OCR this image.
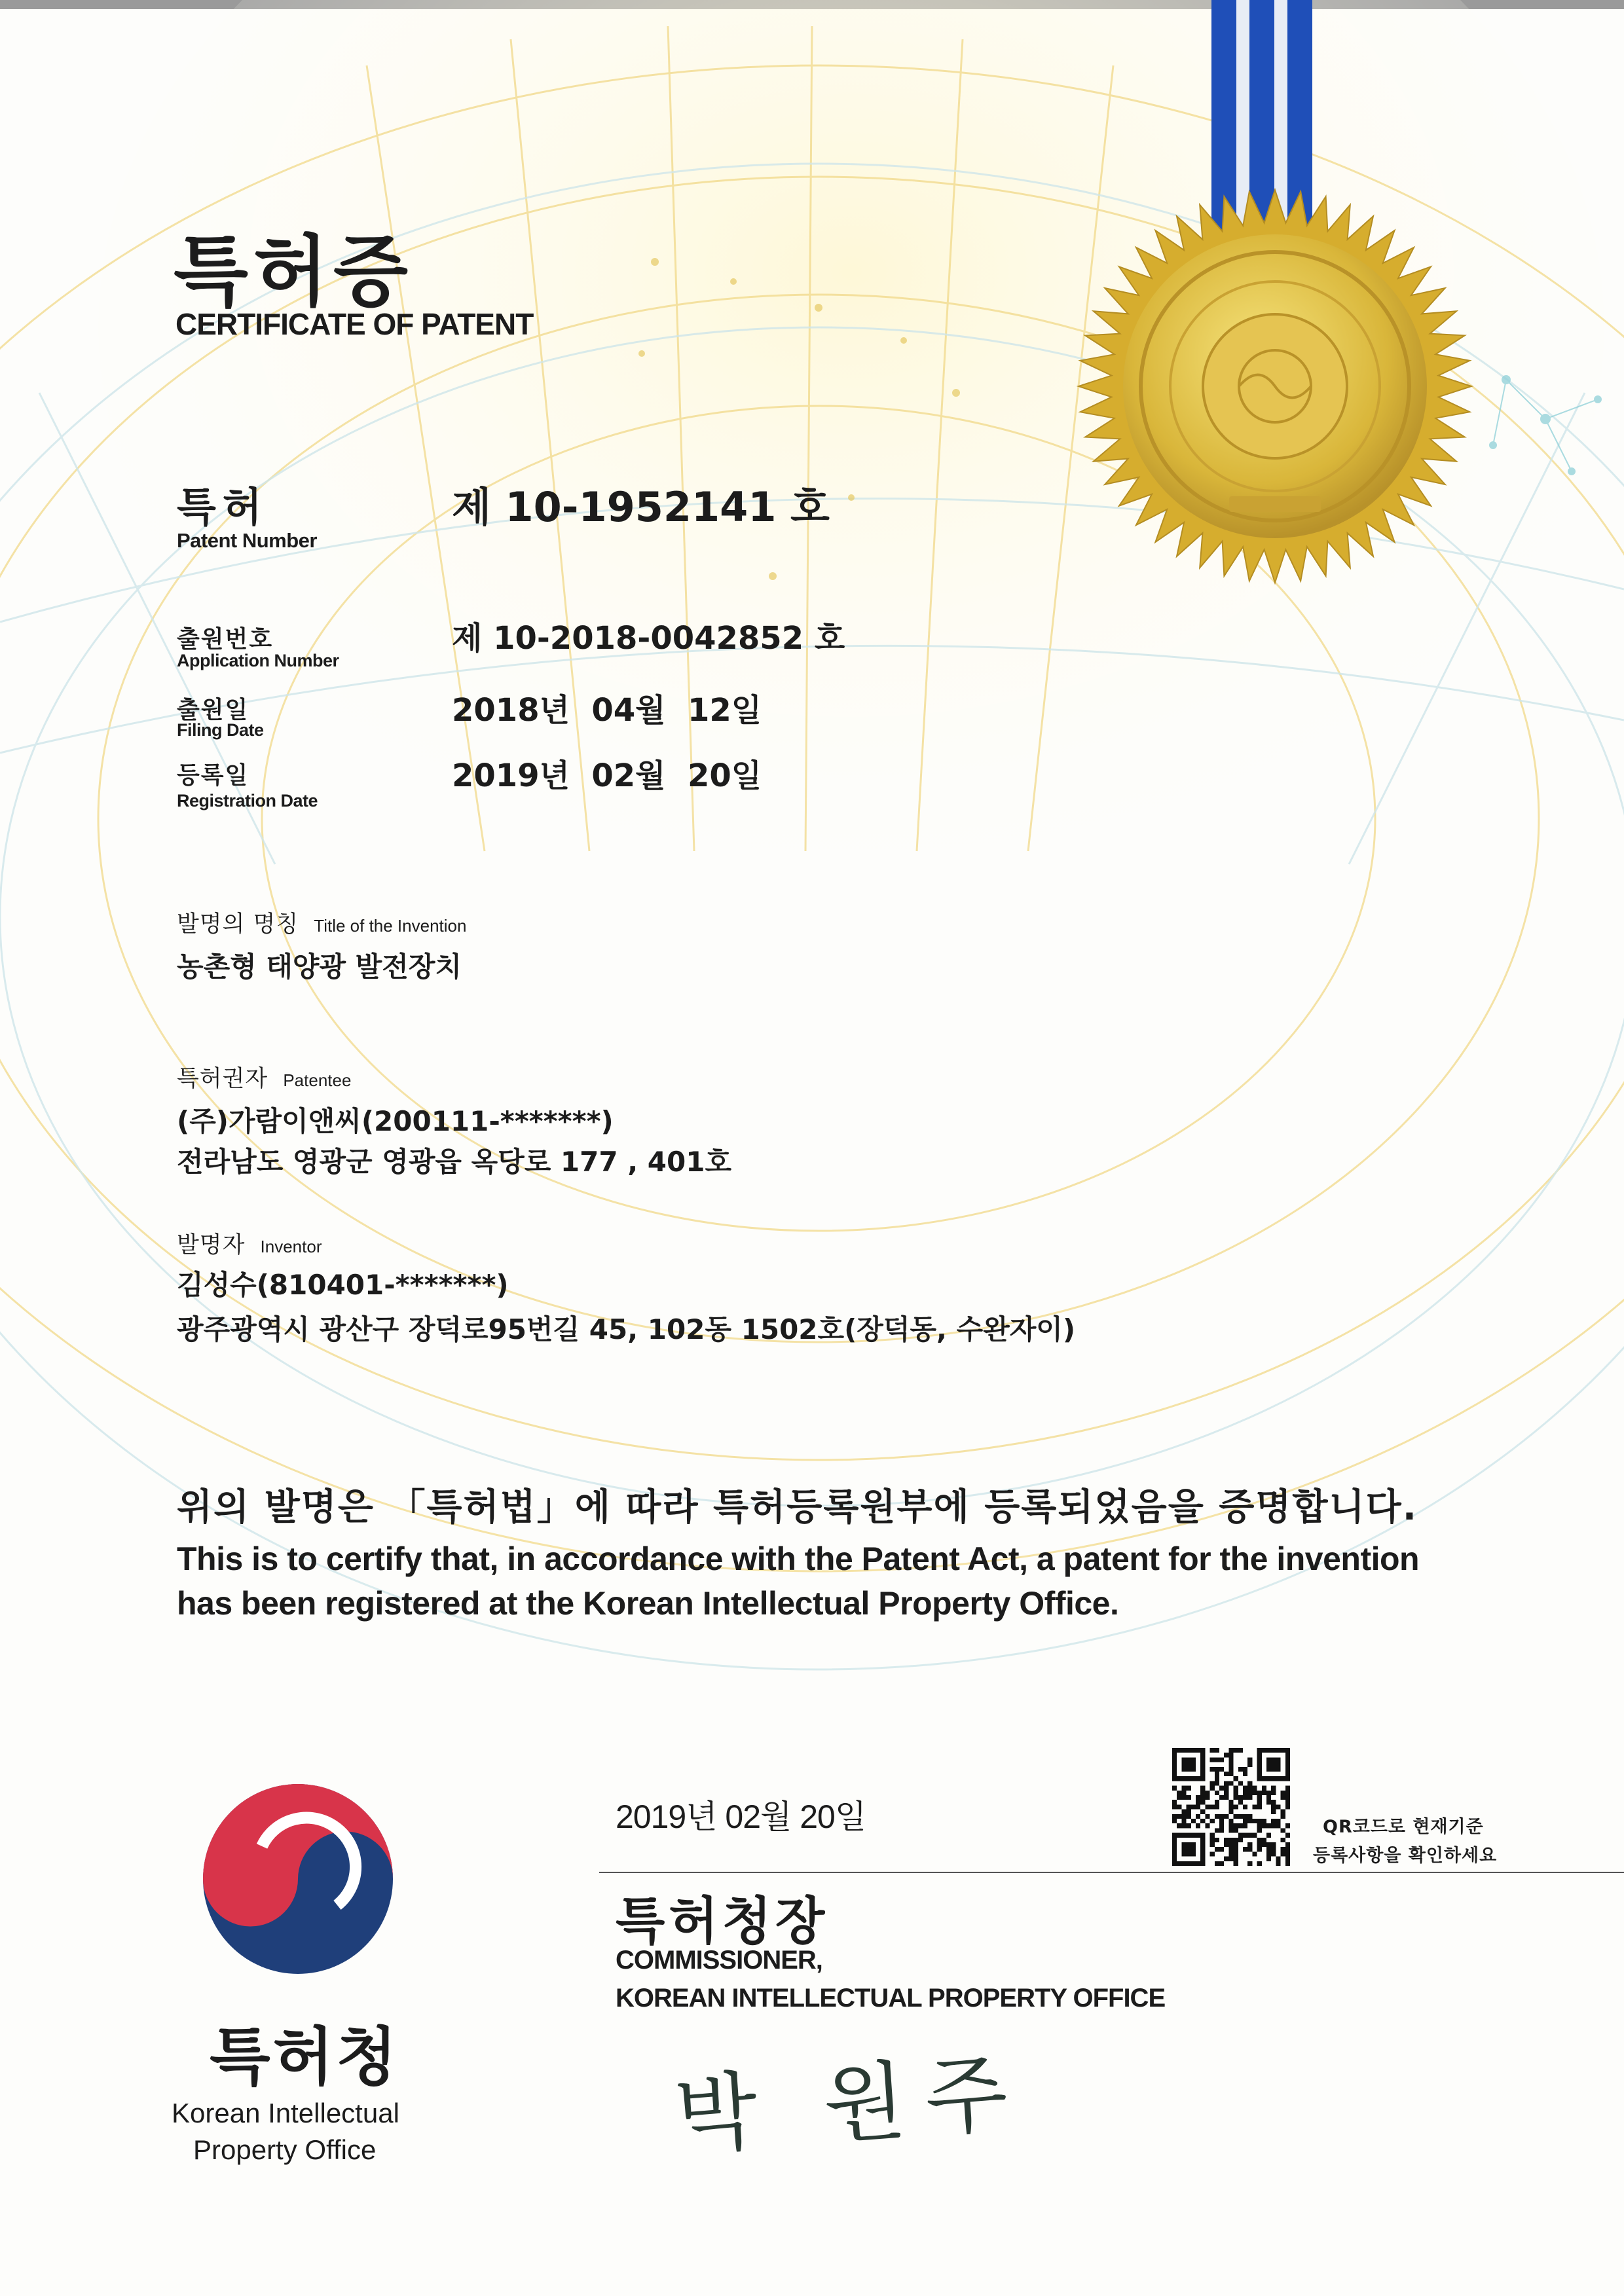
특허증
CERTIFICATE OF PATENT
특허
Patent Number
제 10-1952141 호
출원번호
Application Number
제 10-2018-0042852 호
출원일
Filing Date
2018년  04월  12일
등록일
Registration Date
2019년  02월  20일
발명의 명칭 Title of the Invention
농촌형 태양광 발전장치
특허권자 Patentee
(주)가람이앤씨(200111-*******)
전라남도 영광군 영광읍 옥당로 177 , 401호
발명자 Inventor
김성수(810401-*******)
광주광역시 광산구 장덕로95번길 45, 102동 1502호(장덕동, 수완자이)
위의 발명은 「특허법」에 따라 특허등록원부에 등록되었음을 증명합니다.
This is to certify that, in accordance with the Patent Act, a patent for the invention
has been registered at the Korean Intellectual Property Office.
2019년 02월 20일	QR코드로 현재기준
등록사항을 확인하세요
특허청장
COMMISSIONER,
KOREAN INTELLECTUAL PROPERTY OFFICE
박 원주
특허청
Korean Intellectual
Property Office
